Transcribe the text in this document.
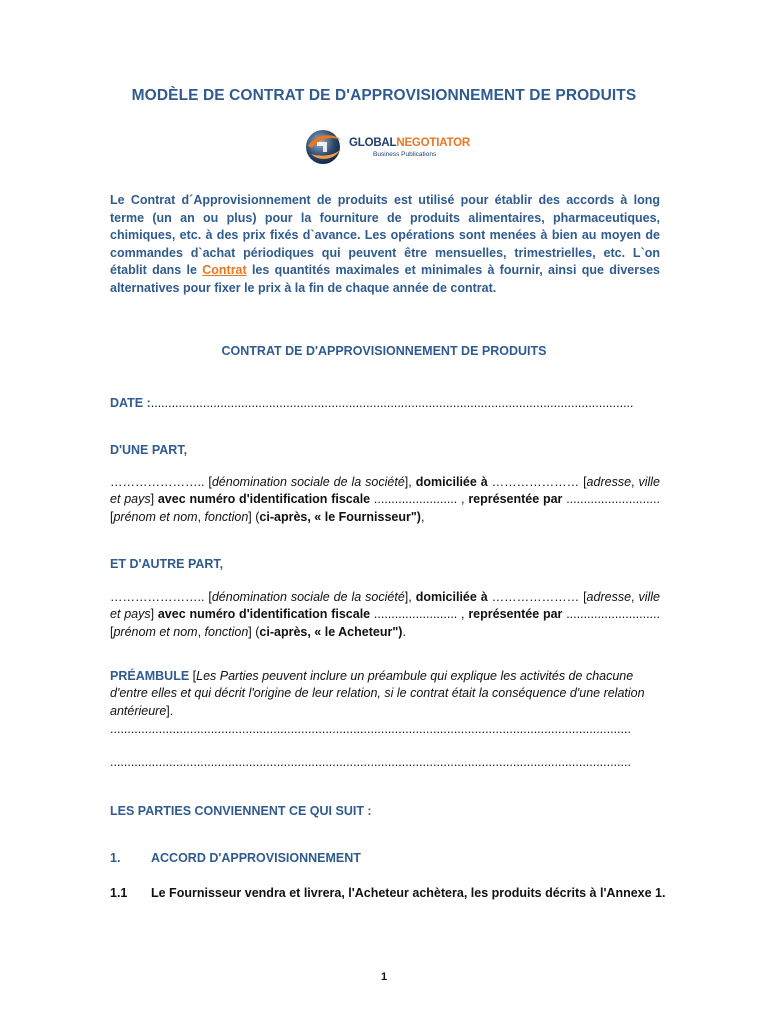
MODÈLE DE CONTRAT DE D'APPROVISIONNEMENT DE PRODUITS
GLOBALNEGOTIATOR
Business Publications
Le Contrat d´Approvisionnement de produits est utilisé pour établir des accords à long terme (un an ou plus) pour la fourniture de produits alimentaires, pharmaceutiques, chimiques, etc. à des prix fixés d`avance. Les opérations sont menées à bien au moyen de commandes d`achat périodiques qui peuvent être mensuelles, trimestrielles, etc. L`on établit dans le Contrat les quantités maximales et minimales à fournir, ainsi que diverses alternatives pour fixer le prix à la fin de chaque année de contrat.
CONTRAT DE D'APPROVISIONNEMENT DE PRODUITS
DATE :...........................................................................................................................................
D'UNE PART,
………………….. [dénomination sociale de la société], domiciliée à ………………… [adresse, ville et pays] avec numéro d'identification fiscale ........................ , représentée par ........................... [prénom et nom, fonction] (ci-après, « le Fournisseur"),
ET D'AUTRE PART,
………………….. [dénomination sociale de la société], domiciliée à ………………… [adresse, ville et pays] avec numéro d'identification fiscale ........................ , représentée par ........................... [prénom et nom, fonction] (ci-après, « le Acheteur").
PRÉAMBULE [Les Parties peuvent inclure un préambule qui explique les activités de chacune d'entre elles et qui décrit l'origine de leur relation, si le contrat était la conséquence d'une relation antérieure].
......................................................................................................................................................
......................................................................................................................................................
LES PARTIES CONVIENNENT CE QUI SUIT :
1. ACCORD D'APPROVISIONNEMENT
1.1 Le Fournisseur vendra et livrera, l'Acheteur achètera, les produits décrits à l'Annexe 1.
1
